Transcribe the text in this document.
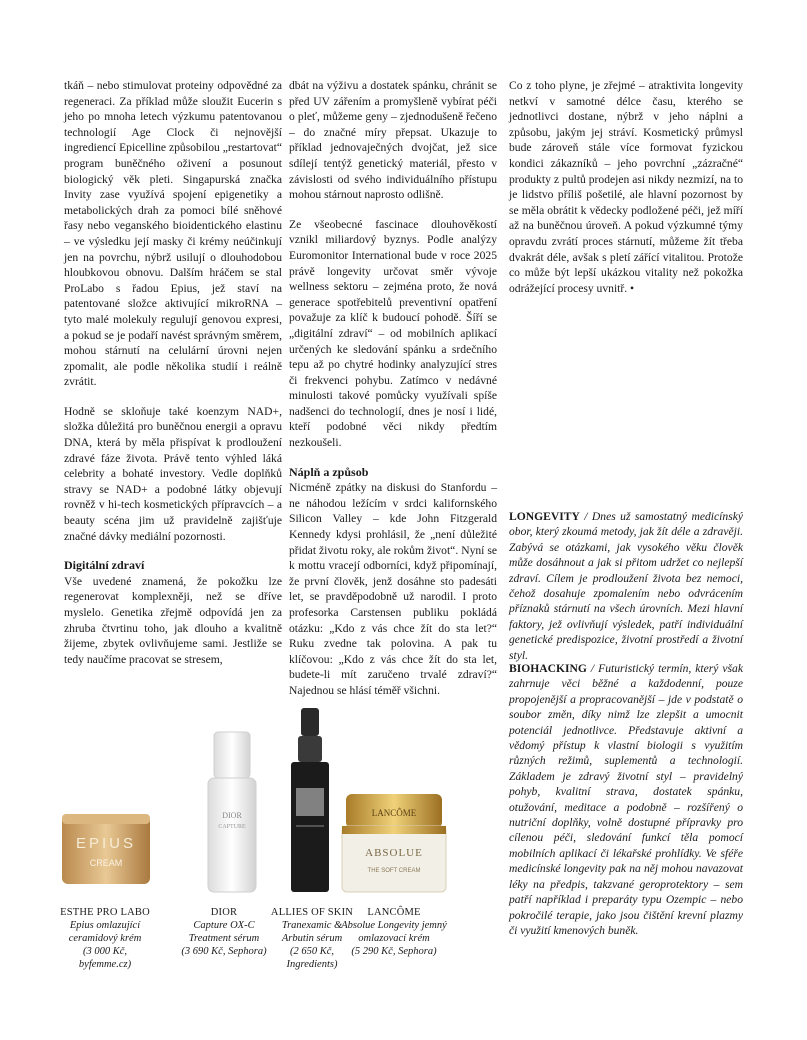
tkáň – nebo stimulovat proteiny odpovědné za regeneraci. Za příklad může sloužit Eucerin s jeho po mnoha letech výzkumu patentovanou technologií Age Clock či nejnovější ingrediencí Epicelline způsobilou „restartovat“ program buněčného oživení a posunout biologický věk pleti. Singapurská značka Invity zase využívá spojení epigenetiky a metabolických drah za pomoci bílé sněhové řasy nebo veganského bioidentického elastinu – ve výsledku její masky či krémy neúčinkují jen na povrchu, nýbrž usilují o dlouhodobou hloubkovou obnovu. Dalším hráčem se stal ProLabo s řadou Epius, jež staví na patentované složce aktivující mikroRNA – tyto malé molekuly regulují genovou expresi, a pokud se je podaří navést správným směrem, mohou stárnutí na celulární úrovni nejen zpomalit, ale podle několika studií i reálně zvrátit.

Hodně se skloňuje také koenzym NAD+, složka důležitá pro buněčnou energii a opravu DNA, která by měla přispívat k prodloužení zdravé fáze života. Právě tento výhled láká celebrity a bohaté investory. Vedle doplňků stravy se NAD+ a podobné látky objevují rovněž v hi-tech kosmetických přípravcích – a beauty scéna jim už pravidelně zajišťuje značné dávky mediální pozornosti.

Digitální zdraví

Vše uvedené znamená, že pokožku lze regenerovat komplexněji, než se dříve myslelo. Genetika zřejmě odpovídá jen za zhruba čtvrtinu toho, jak dlouho a kvalitně žijeme, zbytek ovlivňujeme sami. Jestliže se tedy naučíme pracovat se stresem,

dbát na výživu a dostatek spánku, chránit se před UV zářením a promyšleně vybírat péči o pleť, můžeme geny – zjednodušeně řečeno – do značné míry přepsat. Ukazuje to příklad jednovaječných dvojčat, jež sice sdílejí tentýž genetický materiál, přesto v závislosti od svého individuálního přístupu mohou stárnout naprosto odlišně.

Ze všeobecné fascinace dlouhověkostí vznikl miliardový byznys. Podle analýzy Euromonitor International bude v roce 2025 právě longevity určovat směr vývoje wellness sektoru – zejména proto, že nová generace spotřebitelů preventivní opatření považuje za klíč k budoucí pohodě. Šíří se „digitální zdraví“ – od mobilních aplikací určených ke sledování spánku a srdečního tepu až po chytré hodinky analyzující stres či frekvenci pohybu. Zatímco v nedávné minulosti takové pomůcky využívali spíše nadšenci do technologií, dnes je nosí i lidé, kteří podobné věci nikdy předtím nezkoušeli.

Náplň a způsob

Nicméně zpátky na diskusi do Stanfordu – ne náhodou ležícím v srdci kalifornského Silicon Valley – kde John Fitzgerald Kennedy kdysi prohlásil, že „není důležité přidat životu roky, ale rokům život“. Nyní se k mottu vracejí odborníci, když připomínají, že první člověk, jenž dosáhne sto padesáti let, se pravděpodobně už narodil. I proto profesorka Carstensen publiku pokládá otázku: „Kdo z vás chce žít do sta let?“ Ruku zvedne tak polovina. A pak tu klíčovou: „Kdo z vás chce žít do sta let, budete-li mít zaručeno trvalé zdraví?“ Najednou se hlásí téměř všichni.

Co z toho plyne, je zřejmé – atraktivita longevity netkví v samotné délce času, kterého se jednotlivci dostane, nýbrž v jeho náplni a způsobu, jakým jej stráví. Kosmetický průmysl bude zároveň stále více formovat fyzickou kondici zákazníků – jeho povrchní „zázračné“ produkty z pultů prodejen asi nikdy nezmizí, na to je lidstvo příliš pošetilé, ale hlavní pozornost by se měla obrátit k vědecky podložené péči, jež míří až na buněčnou úroveň. A pokud výzkumné týmy opravdu zvrátí proces stárnutí, můžeme žít třeba dvakrát déle, avšak s pletí zářící vitalitou. Protože co může být lepší ukázkou vitality než pokožka odrážející procesy uvnitř. •

LONGEVITY / Dnes už samostatný medicínský obor, který zkoumá metody, jak žít déle a zdravěji. Zabývá se otázkami, jak vysokého věku člověk může dosáhnout a jak si přitom udržet co nejlepší zdraví. Cílem je prodloužení života bez nemoci, čehož dosahuje zpomalením nebo odvrácením příznaků stárnutí na všech úrovních. Mezi hlavní faktory, jež ovlivňují výsledek, patří individuální genetické predispozice, životní prostředí a životní styl.
BIOHACKING / Futuristický termín, který však zahrnuje věci běžné a každodenní, pouze propojenější a propracovanější – jde v podstatě o soubor změn, díky nimž lze zlepšit a umocnit potenciál jednotlivce. Představuje aktivní a vědomý přístup k vlastní biologii s využitím různých režimů, suplementů a technologií. Základem je zdravý životní styl – pravidelný pohyb, kvalitní strava, dostatek spánku, otužování, meditace a podobně – rozšířený o nutriční doplňky, volně dostupné přípravky pro cílenou péči, sledování funkcí těla pomocí mobilních aplikací či lékařské prohlídky. Ve sféře medicínské longevity pak na něj mohou navazovat léky na předpis, takzvané geroprotektory – sem patří například i preparáty typu Ozempic – nebo pokročilé terapie, jako jsou čištění krevní plazmy či využití kmenových buněk.
EPIUS
CREAM
DIOR
CAPTURE
LANCÔME
ABSOLUE
THE SOFT CREAM
ESTHE PRO LABO
Epius omlazující ceramidový krém
(3 000 Kč, byfemme.cz)
DIOR
Capture OX-C Treatment sérum
(3 690 Kč, Sephora)
ALLIES OF SKIN
Tranexamic & Arbutin sérum
(2 650 Kč, Ingredients)
LANCÔME
Absolue Longevity jemný omlazovací krém
(5 290 Kč, Sephora)
